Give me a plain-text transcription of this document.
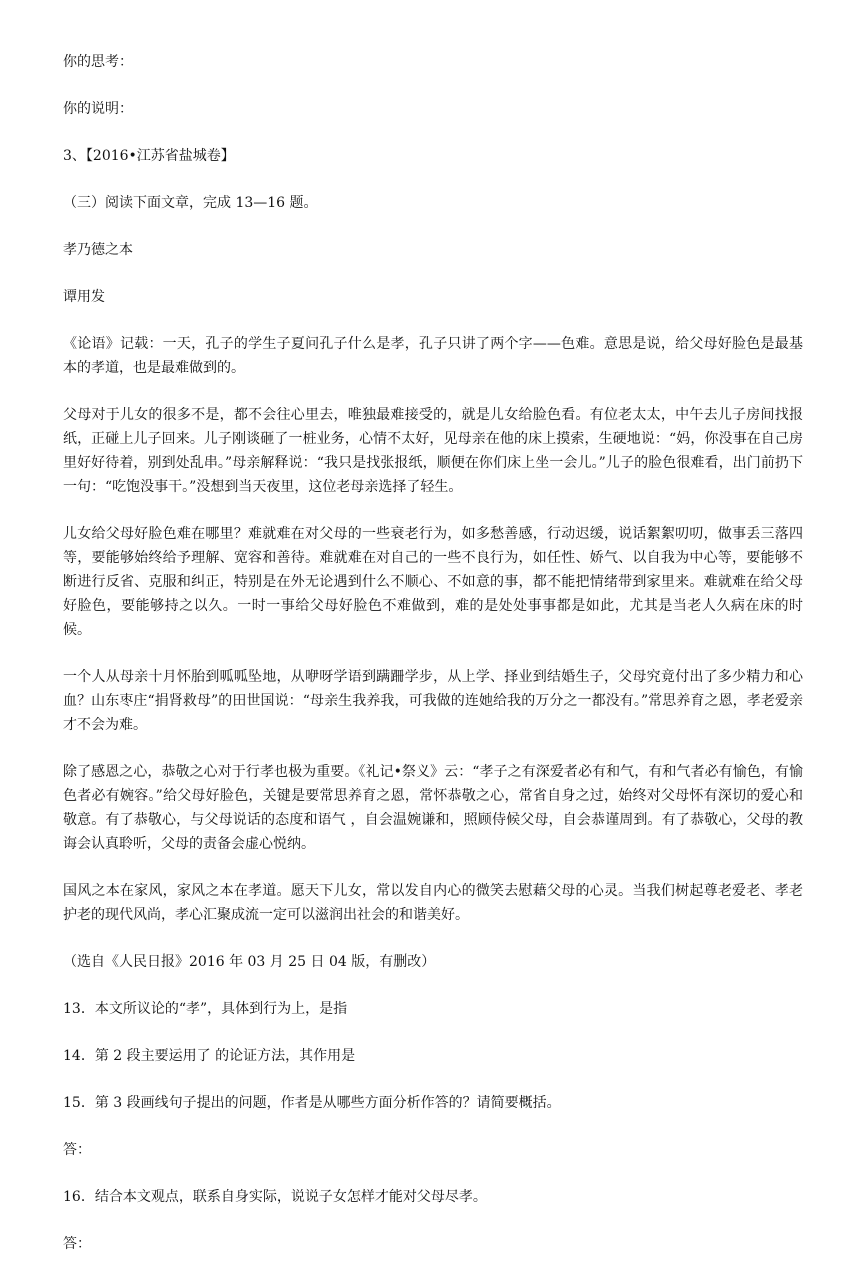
你的思考：

你的说明：

3、【2016•江苏省盐城卷】

（三）阅读下面文章，完成 13—16 题。

孝乃德之本

谭用发

《论语》记载：一天，孔子的学生子夏问孔子什么是孝，孔子只讲了两个字——色难。意思是说，给父母好脸色是最基本的孝道，也是最难做到的。

父母对于儿女的很多不是，都不会往心里去，唯独最难接受的，就是儿女给脸色看。有位老太太，中午去儿子房间找报纸，正碰上儿子回来。儿子刚谈砸了一桩业务，心情不太好，见母亲在他的床上摸索，生硬地说：“妈，你没事在自己房里好好待着，别到处乱串。”母亲解释说：“我只是找张报纸，顺便在你们床上坐一会儿。”儿子的脸色很难看，出门前扔下一句：“吃饱没事干。”没想到当天夜里，这位老母亲选择了轻生。

儿女给父母好脸色难在哪里？难就难在对父母的一些衰老行为，如多愁善感，行动迟缓，说话絮絮叨叨，做事丢三落四等，要能够始终给予理解、宽容和善待。难就难在对自己的一些不良行为，如任性、娇气、以自我为中心等，要能够不断进行反省、克服和纠正，特别是在外无论遇到什么不顺心、不如意的事，都不能把情绪带到家里来。难就难在给父母好脸色，要能够持之以久。一时一事给父母好脸色不难做到，难的是处处事事都是如此，尤其是当老人久病在床的时候。

一个人从母亲十月怀胎到呱呱坠地，从咿呀学语到蹒跚学步，从上学、择业到结婚生子，父母究竟付出了多少精力和心血？山东枣庄“捐肾救母”的田世国说：“母亲生我养我，可我做的连她给我的万分之一都没有。”常思养育之恩，孝老爱亲才不会为难。

除了感恩之心，恭敬之心对于行孝也极为重要。《礼记•祭义》云：“孝子之有深爱者必有和气，有和气者必有愉色，有愉色者必有婉容。”给父母好脸色，关键是要常思养育之恩，常怀恭敬之心，常省自身之过，始终对父母怀有深切的爱心和敬意。有了恭敬心，与父母说话的态度和语气 ，自会温婉谦和，照顾侍候父母，自会恭谨周到。有了恭敬心，父母的教诲会认真聆听，父母的责备会虚心悦纳。

国风之本在家风，家风之本在孝道。愿天下儿女，常以发自内心的微笑去慰藉父母的心灵。当我们树起尊老爱老、孝老护老的现代风尚，孝心汇聚成流一定可以滋润出社会的和谐美好。

（选自《人民日报》2016 年 03 月 25 日 04 版，有删改）

13．本文所议论的“孝”，具体到行为上，是指

14．第 2 段主要运用了 的论证方法，其作用是

15．第 3 段画线句子提出的问题，作者是从哪些方面分析作答的？请简要概括。

答：

16．结合本文观点，联系自身实际，说说子女怎样才能对父母尽孝。

答：
